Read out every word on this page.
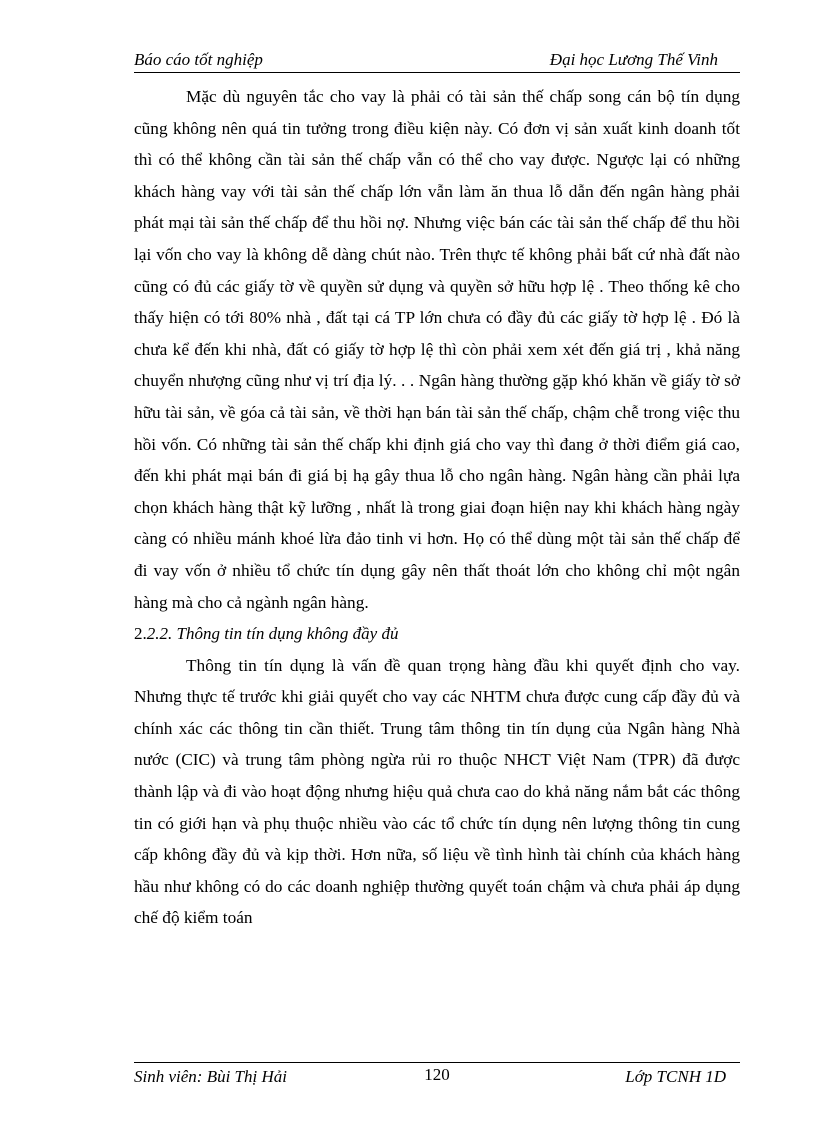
Báo cáo tốt nghiệp	Đại học Lương Thế Vinh

Mặc dù nguyên tắc cho vay là phải có tài sản thế chấp song cán bộ tín dụng cũng không nên quá tin tưởng trong điều kiện này. Có đơn vị sản xuất kinh doanh tốt thì có thể không cần tài sản thế chấp vẫn có thể cho vay được. Ngược lại có những khách hàng vay với tài sản thế chấp lớn vẫn làm ăn thua lỗ dẫn đến ngân hàng phải phát mại tài sản thế chấp để thu hồi nợ. Nhưng việc bán các tài sản thế chấp để thu hồi lại vốn cho vay là không dễ dàng chút nào. Trên thực tế không phải bất cứ nhà đất nào cũng có đủ các giấy tờ về quyền sử dụng và quyền sở hữu hợp lệ . Theo thống kê cho thấy hiện có tới 80% nhà , đất tại cá TP lớn chưa có đầy đủ các giấy tờ hợp lệ . Đó là chưa kể đến khi nhà, đất có giấy tờ hợp lệ thì còn phải xem xét đến giá trị , khả năng chuyển nhượng cũng như vị trí địa lý. . . Ngân hàng thường gặp khó khăn về giấy tờ sở hữu tài sản, về góa cả tài sản, về thời hạn bán tài sản thế chấp, chậm chễ trong việc thu hồi vốn. Có những tài sản thế chấp khi định giá cho vay thì đang ở thời điểm giá cao, đến khi phát mại bán đi giá bị hạ gây thua lỗ cho ngân hàng. Ngân hàng cần phải lựa chọn khách hàng thật kỹ lưỡng , nhất là trong giai đoạn hiện nay khi khách hàng ngày càng có nhiều mánh khoé lừa đảo tinh vi hơn. Họ có thể dùng một tài sản thế chấp để đi vay vốn ở nhiều tổ chức tín dụng gây nên thất thoát lớn cho không chỉ một ngân hàng mà cho cả ngành ngân hàng.

2.2.2. Thông tin tín dụng không đầy đủ

Thông tin tín dụng là vấn đề quan trọng hàng đầu khi quyết định cho vay. Nhưng thực tế trước khi giải quyết cho vay các NHTM chưa được cung cấp đầy đủ và chính xác các thông tin cần thiết. Trung tâm thông tin tín dụng của Ngân hàng Nhà nước (CIC) và trung tâm phòng ngừa rủi ro thuộc NHCT Việt Nam (TPR) đã được thành lập và đi vào hoạt động nhưng hiệu quả chưa cao do khả năng nắm bắt các thông tin có giới hạn và phụ thuộc nhiều vào các tổ chức tín dụng nên lượng thông tin cung cấp không đầy đủ và kịp thời. Hơn nữa, số liệu về tình hình tài chính của khách hàng hầu như không có do các doanh nghiệp thường quyết toán chậm và chưa phải áp dụng chế độ kiểm toán

Sinh viên: Bùi Thị Hải	120	Lớp TCNH 1D
